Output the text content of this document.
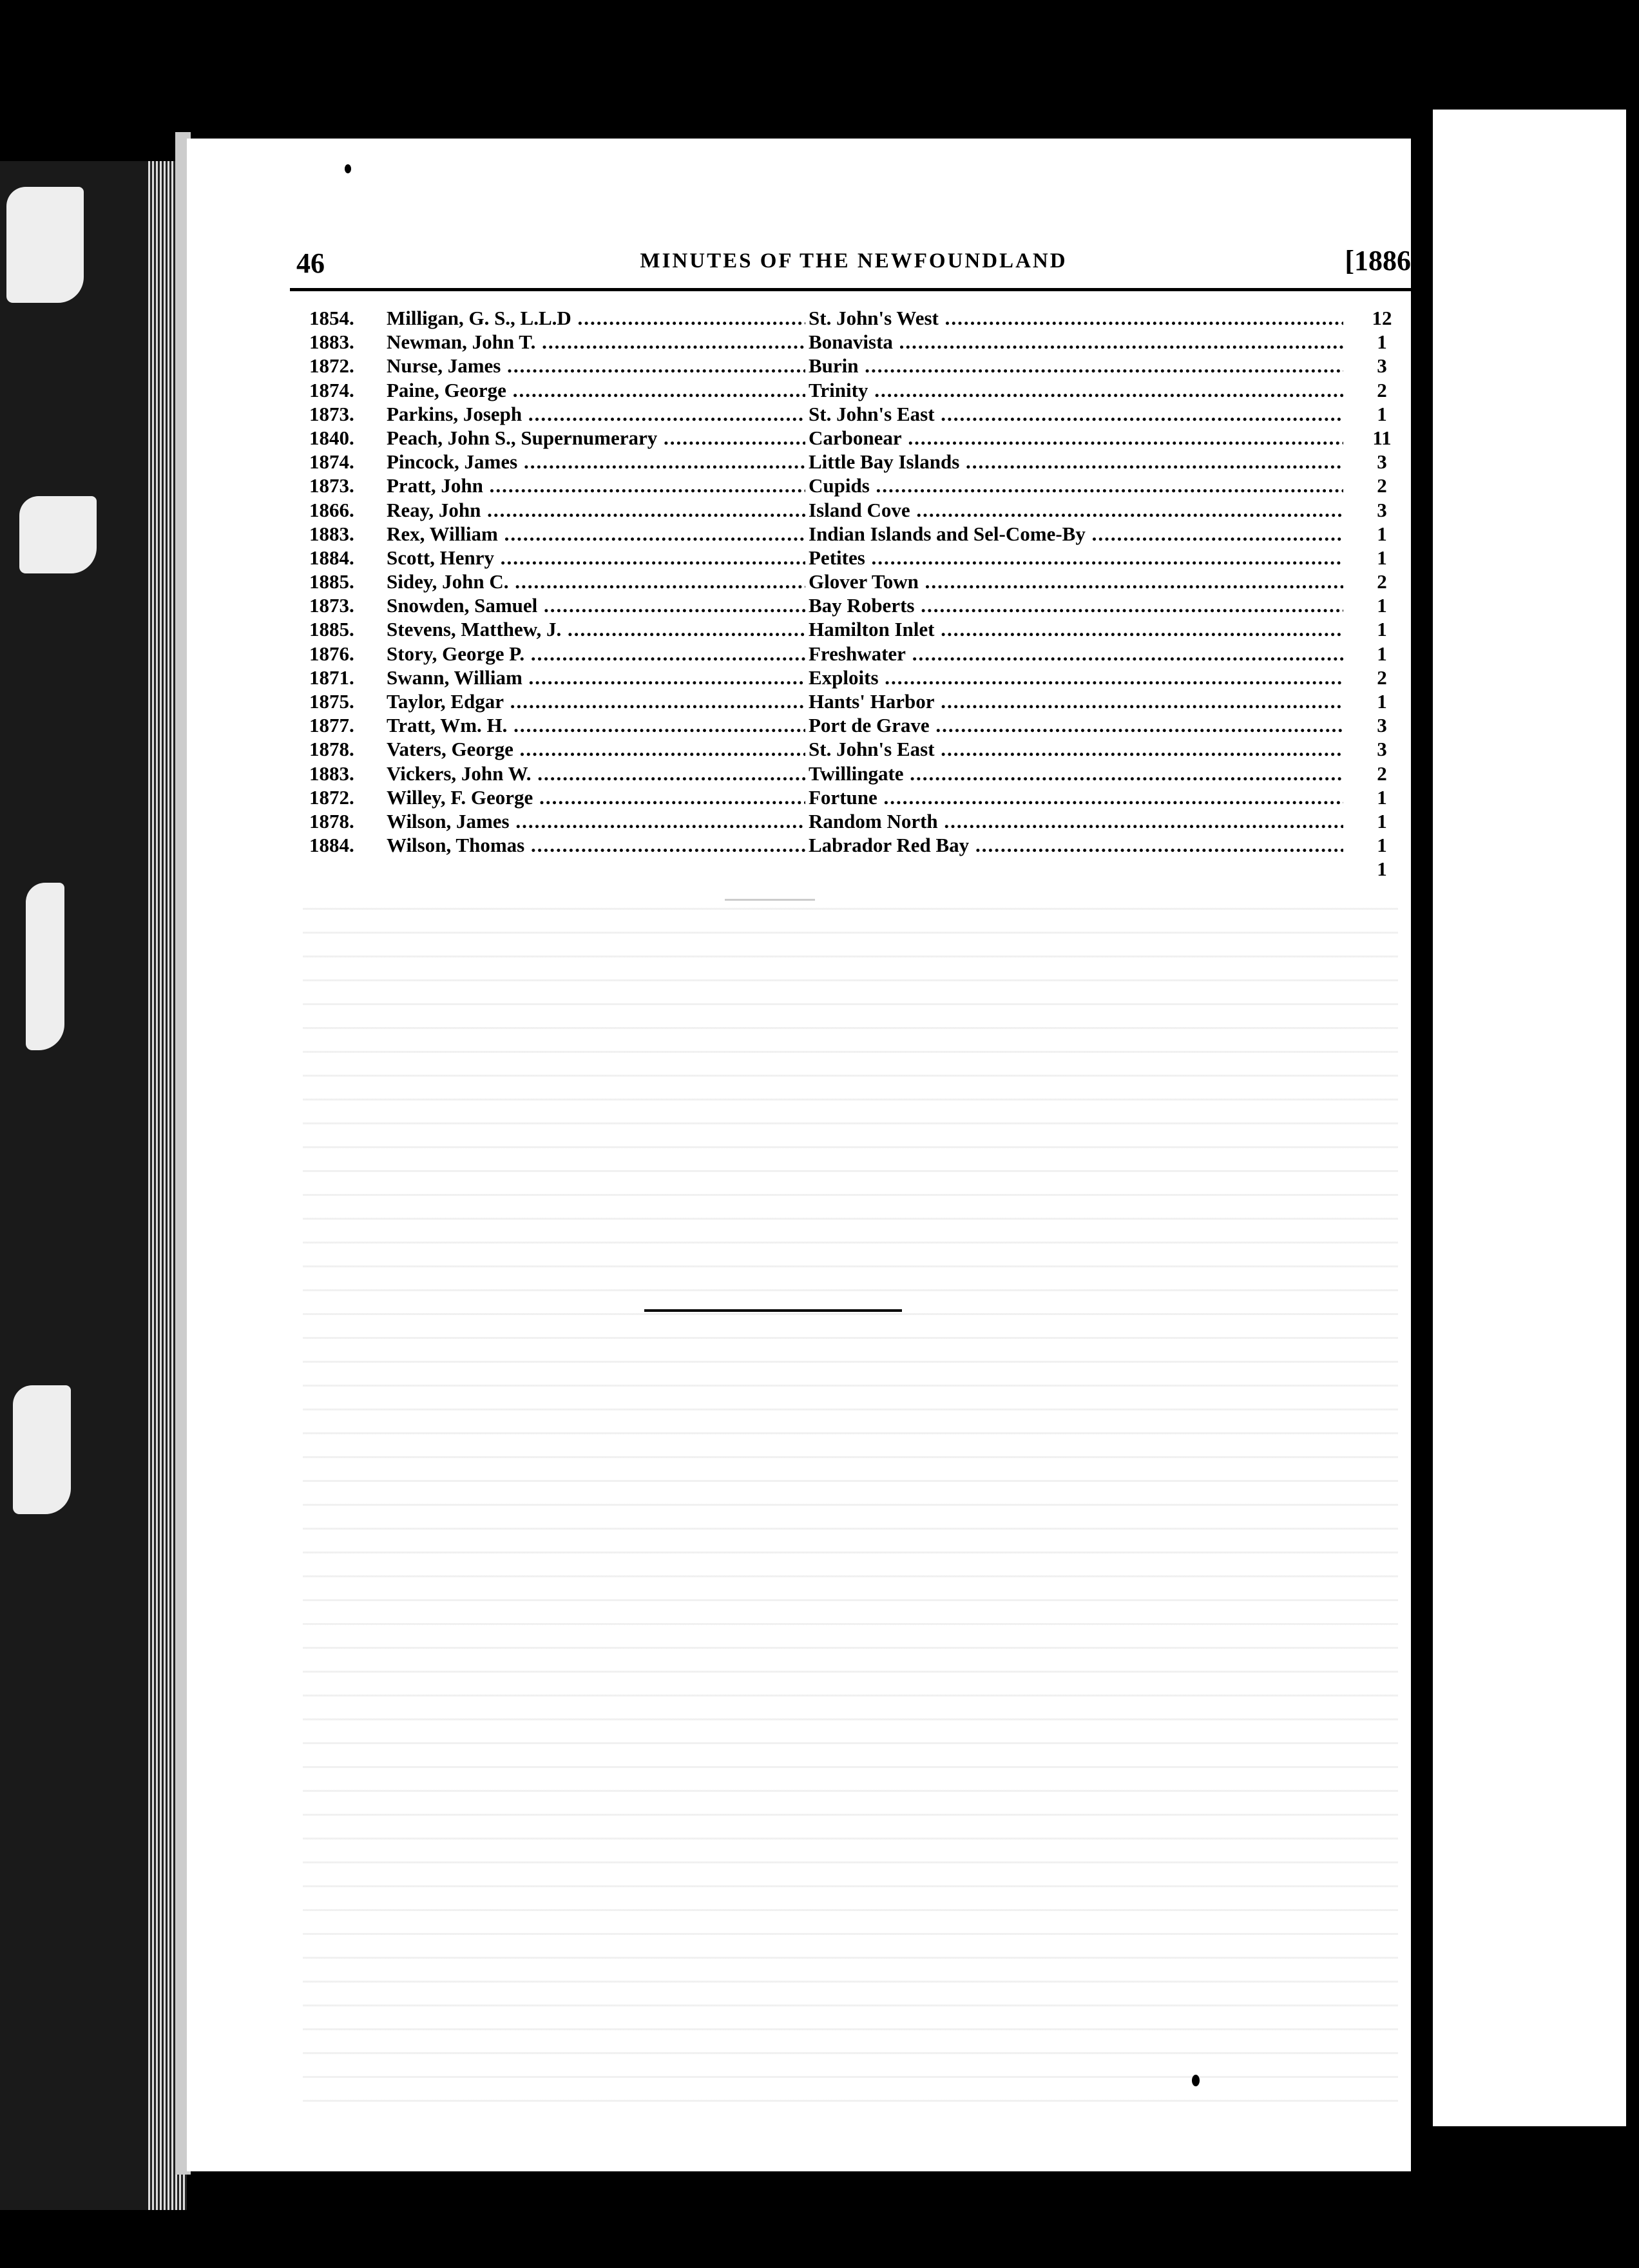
46	MINUTES OF THE NEWFOUNDLAND	[1886
1854.	Milligan, G. S., L.L.D .....	St. John's West .....	12
1883.	Newman, John T. .....	Bonavista .....	1
1872.	Nurse, James .....	Burin .....	3
1874.	Paine, George .....	Trinity .....	2
1873.	Parkins, Joseph .....	St. John's East .....	1
1840.	Peach, John S., Supernumerary .....	Carbonear .....	11
1874.	Pincock, James .....	Little Bay Islands .....	3
1873.	Pratt, John .....	Cupids .....	2
1866.	Reay, John .....	Island Cove .....	3
1883.	Rex, William .....	Indian Islands and Sel-Come-By .....	1
1884.	Scott, Henry .....	Petites .....	1
1885.	Sidey, John C. .....	Glover Town .....	2
1873.	Snowden, Samuel .....	Bay Roberts .....	1
1885.	Stevens, Matthew, J. .....	Hamilton Inlet .....	1
1876.	Story, George P. .....	Freshwater .....	1
1871.	Swann, William .....	Exploits .....	2
1875.	Taylor, Edgar .....	Hants' Harbor .....	1
1877.	Tratt, Wm. H. .....	Port de Grave .....	3
1878.	Vaters, George .....	St. John's East .....	3
1883.	Vickers, John W. .....	Twillingate .....	2
1872.	Willey, F. George .....	Fortune .....	1
1878.	Wilson, James .....	Random North .....	1
1884.	Wilson, Thomas .....	Labrador Red Bay .....	1
1
